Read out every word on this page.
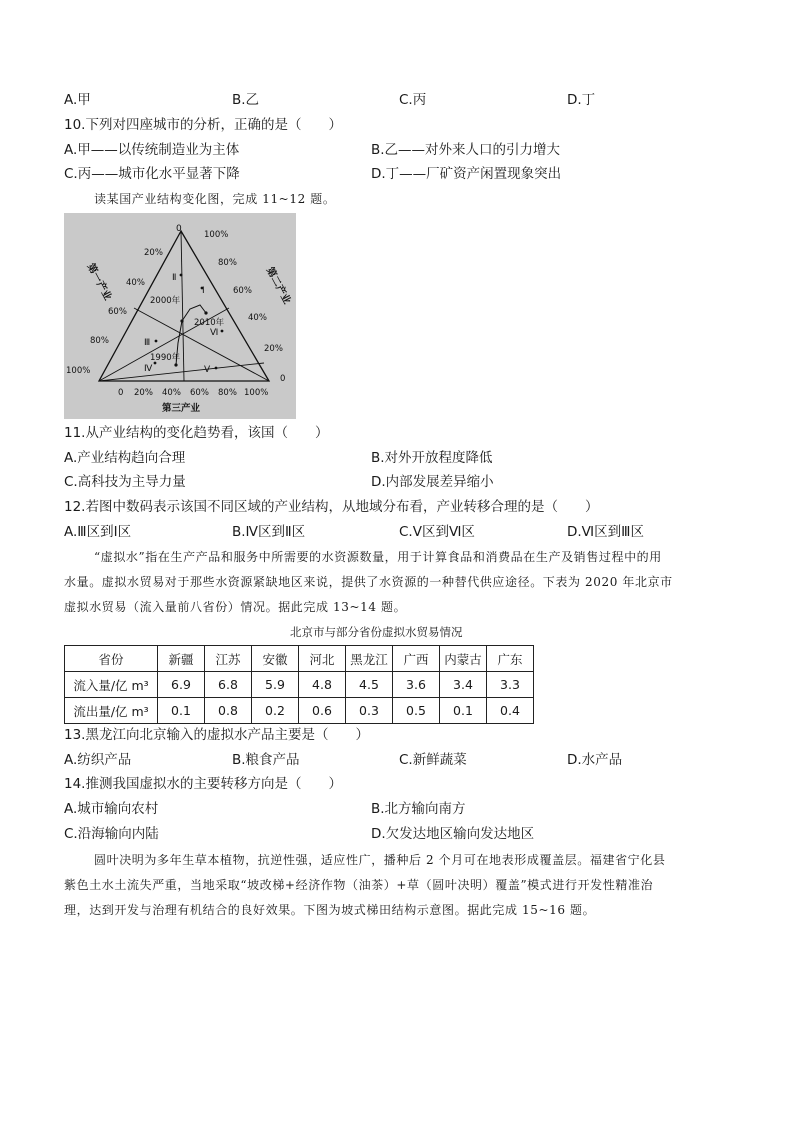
A.甲	B.乙	C.丙	D.丁
10.下列对四座城市的分析，正确的是（　　）
A.甲——以传统制造业为主体	B.乙——对外来人口的引力增大
C.丙——城市化水平显著下降	D.丁——厂矿资产闲置现象突出
读某国产业结构变化图，完成 11~12 题。
0
100%
80%
60%
40%
20%
0
20%
40%
60%
80%
100%
0 20% 40% 60% 80% 100%
第一产业	第二产业
第三产业
Ⅰ
Ⅱ
Ⅲ
Ⅳ	Ⅴ
Ⅵ
2000年
2010年
1990年
11.从产业结构的变化趋势看，该国（　　）
A.产业结构趋向合理	B.对外开放程度降低
C.高科技为主导力量	D.内部发展差异缩小
12.若图中数码表示该国不同区域的产业结构，从地域分布看，产业转移合理的是（　　）
A.Ⅲ区到Ⅰ区	B.Ⅳ区到Ⅱ区	C.Ⅴ区到Ⅵ区	D.Ⅵ区到Ⅲ区
“虚拟水”指在生产产品和服务中所需要的水资源数量，用于计算食品和消费品在生产及销售过程中的用
水量。虚拟水贸易对于那些水资源紧缺地区来说，提供了水资源的一种替代供应途径。下表为 2020 年北京市
虚拟水贸易（流入量前八省份）情况。据此完成 13~14 题。
北京市与部分省份虚拟水贸易情况
省份	新疆	江苏	安徽	河北	黑龙江	广西	内蒙古	广东
流入量/亿 m³	6.9	6.8	5.9	4.8	4.5	3.6	3.4	3.3
流出量/亿 m³	0.1	0.8	0.2	0.6	0.3	0.5	0.1	0.4
13.黑龙江向北京输入的虚拟水产品主要是（　　）
A.纺织产品	B.粮食产品	C.新鲜蔬菜	D.水产品
14.推测我国虚拟水的主要转移方向是（　　）
A.城市输向农村	B.北方输向南方
C.沿海输向内陆	D.欠发达地区输向发达地区
圆叶决明为多年生草本植物，抗逆性强，适应性广，播种后 2 个月可在地表形成覆盖层。福建省宁化县
紫色土水土流失严重，当地采取“坡改梯+经济作物（油茶）+草（圆叶决明）覆盖”模式进行开发性精准治
理，达到开发与治理有机结合的良好效果。下图为坡式梯田结构示意图。据此完成 15~16 题。
